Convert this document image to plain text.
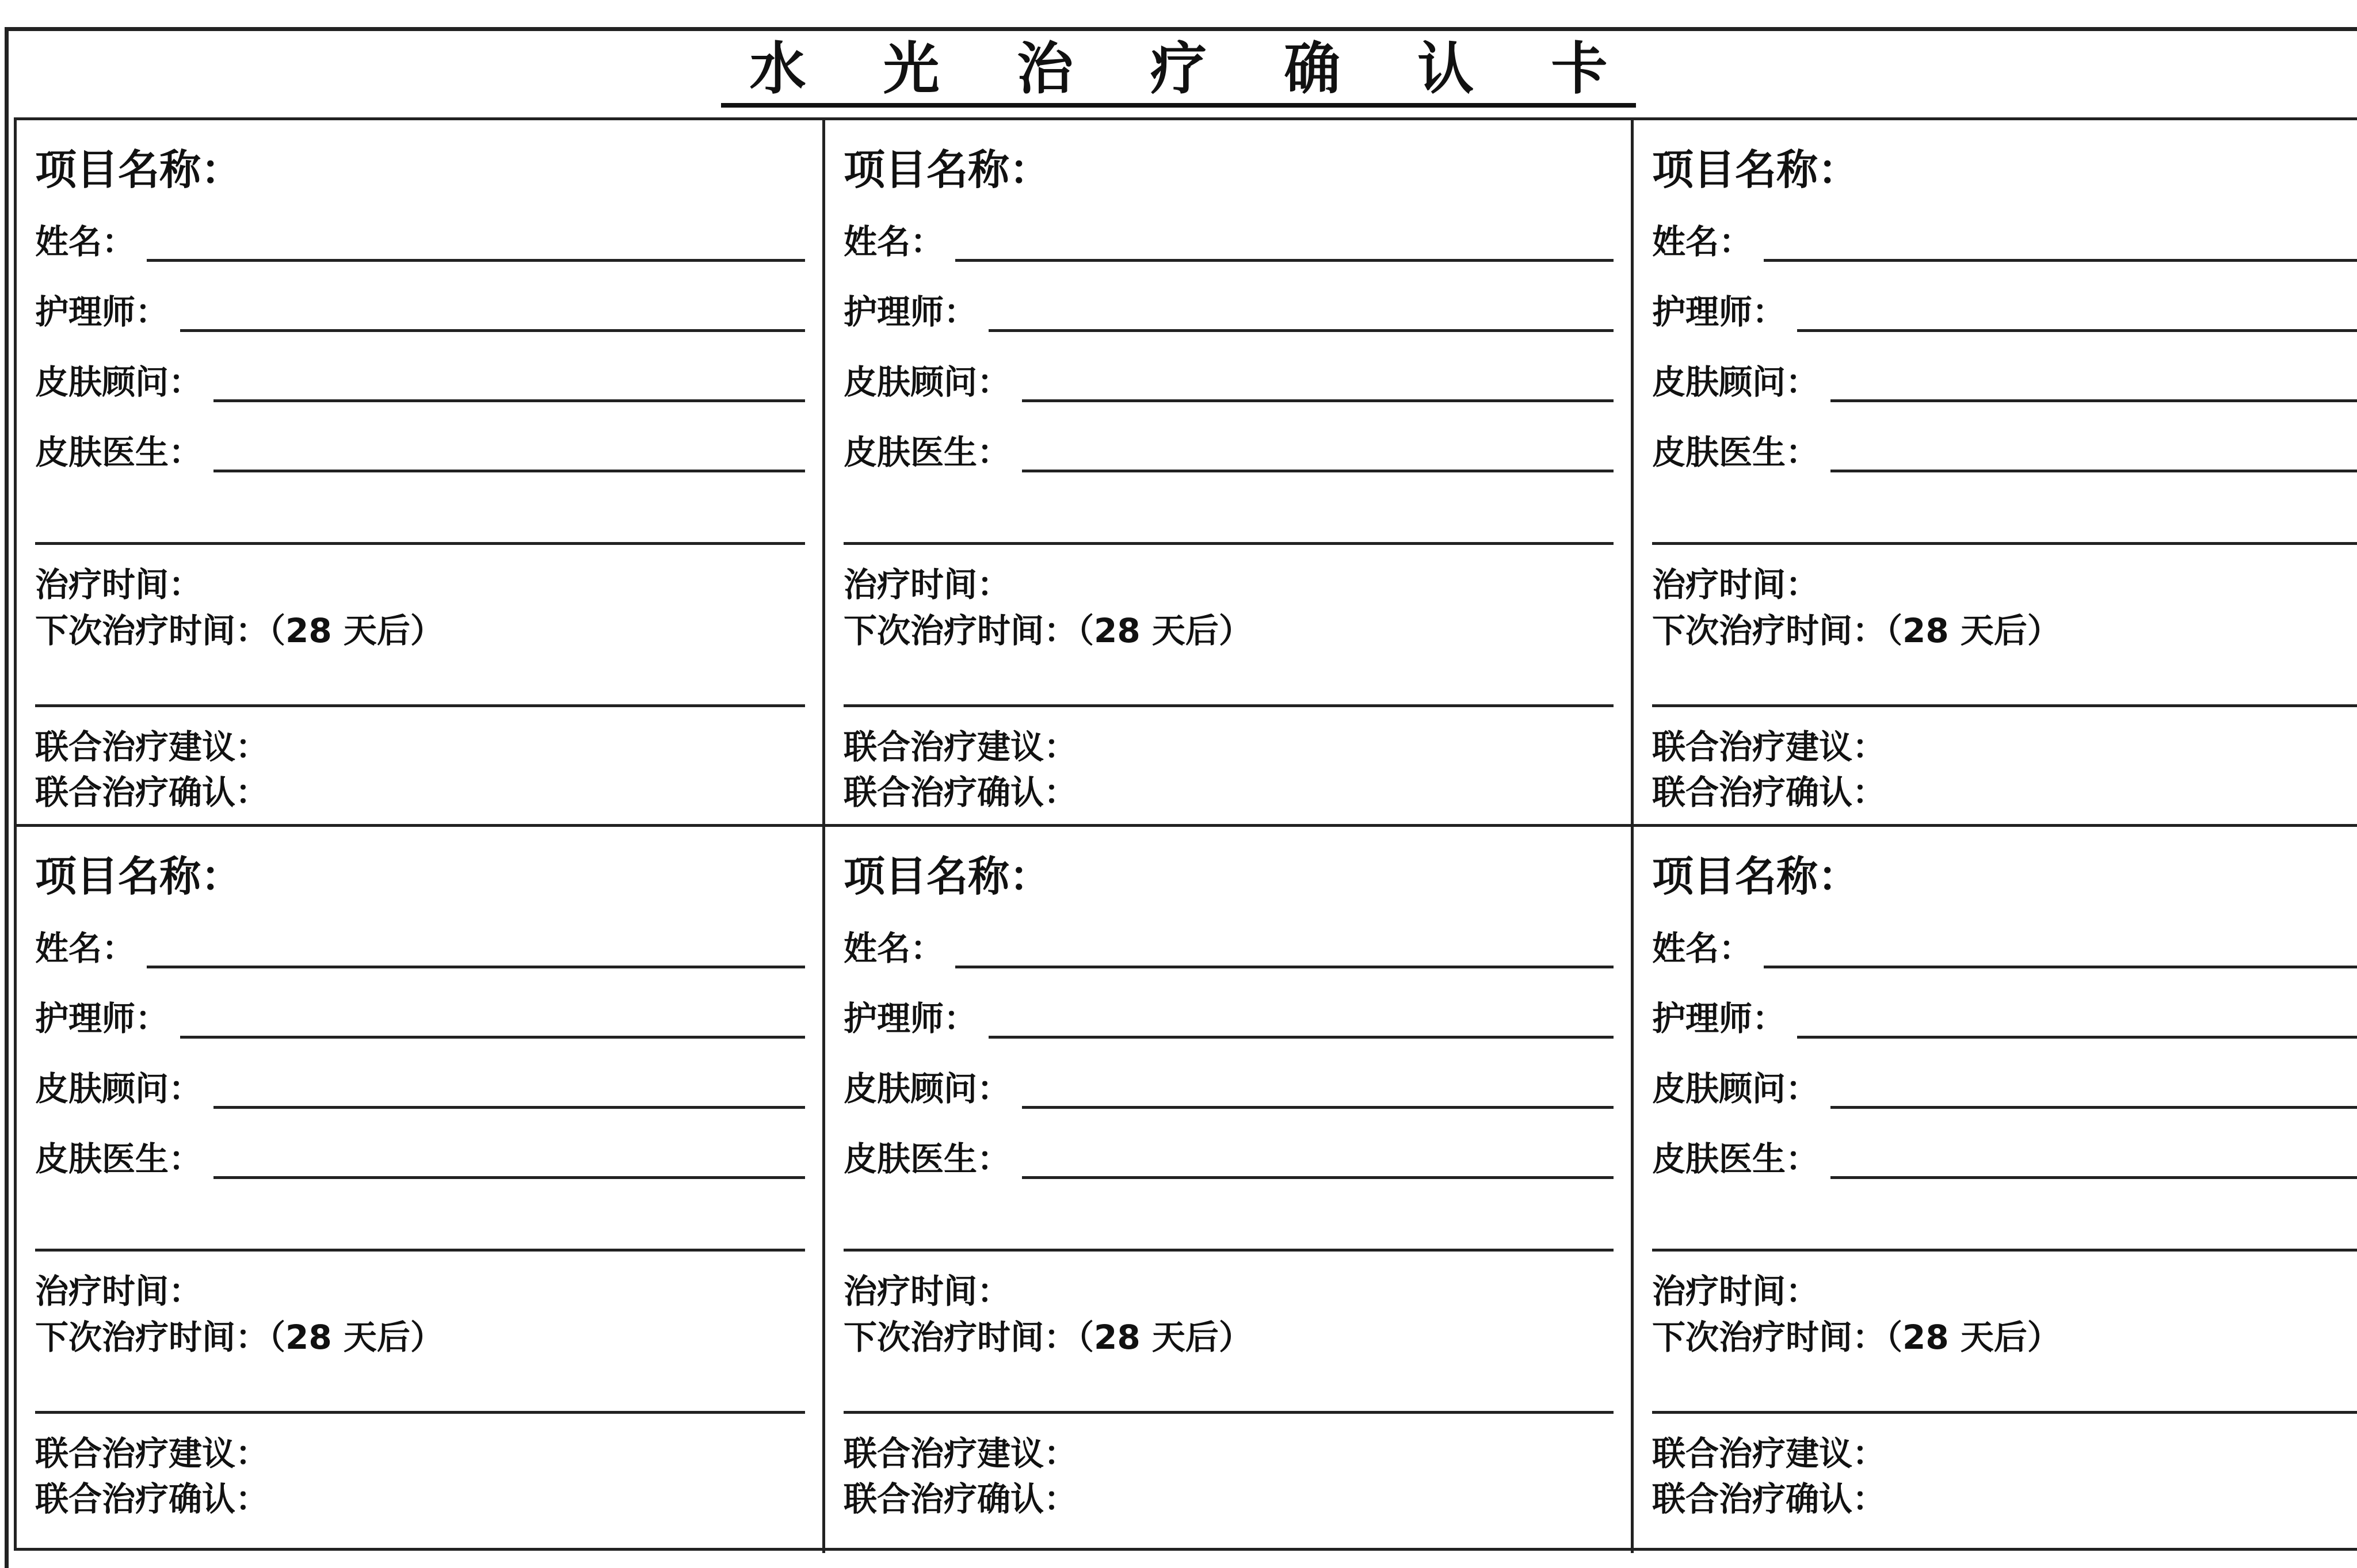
水 光 治 疗 确 认 卡
项目名称：
姓名：
护理师：
皮肤顾问：
皮肤医生：
治疗时间：
下次治疗时间：（28 天后）
联合治疗建议：
联合治疗确认：
项目名称：
姓名：
护理师：
皮肤顾问：
皮肤医生：
治疗时间：
下次治疗时间：（28 天后）
联合治疗建议：
联合治疗确认：
项目名称：
姓名：
护理师：
皮肤顾问：
皮肤医生：
治疗时间：
下次治疗时间：（28 天后）
联合治疗建议：
联合治疗确认：
项目名称：
姓名：
护理师：
皮肤顾问：
皮肤医生：
治疗时间：
下次治疗时间：（28 天后）
联合治疗建议：
联合治疗确认：
项目名称：
姓名：
护理师：
皮肤顾问：
皮肤医生：
治疗时间：
下次治疗时间：（28 天后）
联合治疗建议：
联合治疗确认：
项目名称：
姓名：
护理师：
皮肤顾问：
皮肤医生：
治疗时间：
下次治疗时间：（28 天后）
联合治疗建议：
联合治疗确认：
